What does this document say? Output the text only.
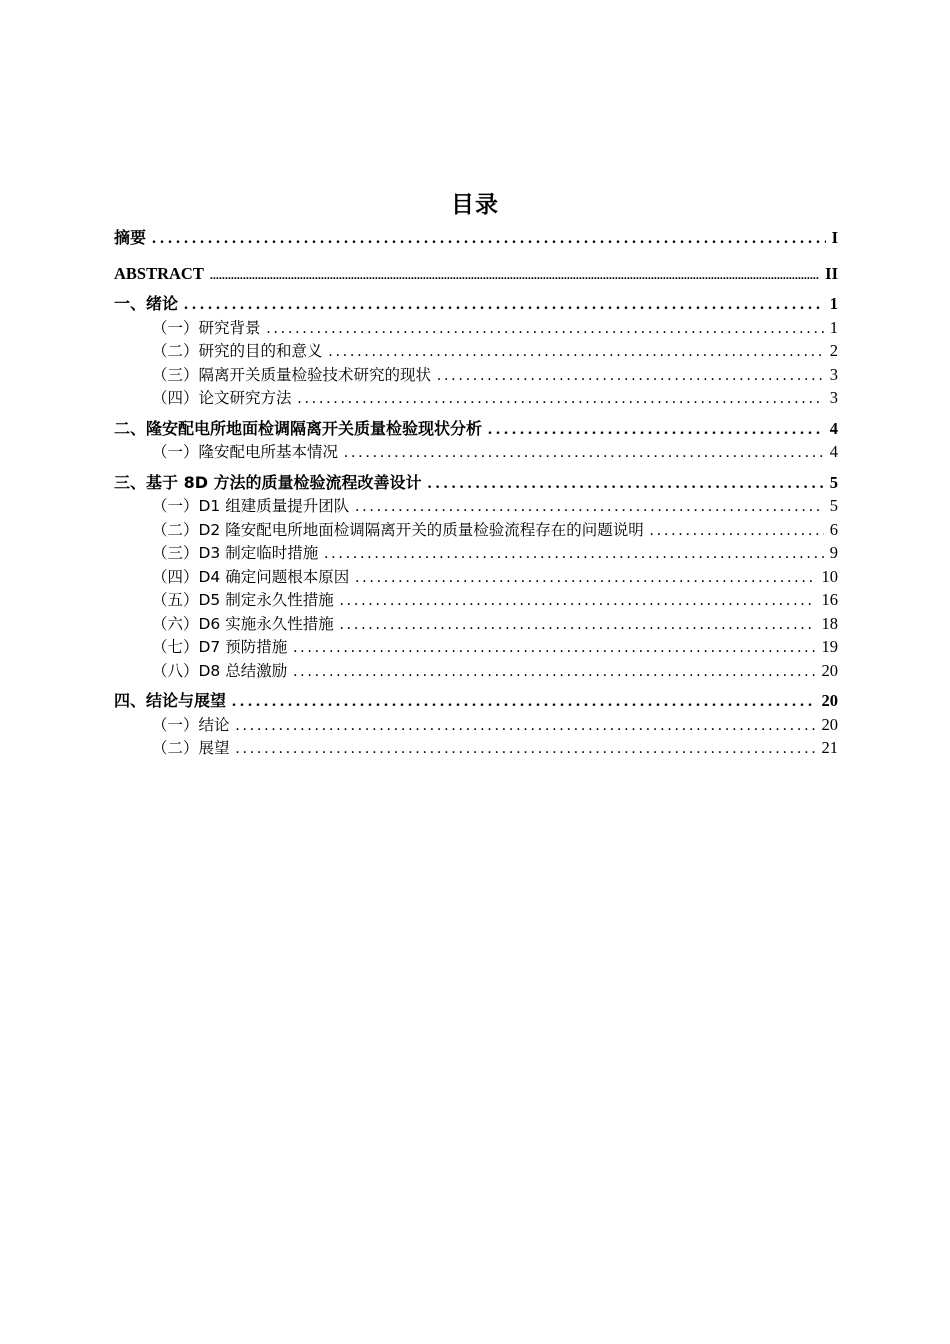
目录
摘要 .....	I
ABSTRACT .....	II
一、绪论 .....	1
（一）研究背景 .....	1
（二）研究的目的和意义 .....	2
（三）隔离开关质量检验技术研究的现状 .....	3
（四）论文研究方法 .....	3
二、隆安配电所地面检调隔离开关质量检验现状分析 .....	4
（一）隆安配电所基本情况 .....	4
三、基于 8D 方法的质量检验流程改善设计 .....	5
（一）D1 组建质量提升团队 .....	5
（二）D2 隆安配电所地面检调隔离开关的质量检验流程存在的问题说明 .....	6
（三）D3 制定临时措施 .....	9
（四）D4 确定问题根本原因 .....	10
（五）D5 制定永久性措施 .....	16
（六）D6 实施永久性措施 .....	18
（七）D7 预防措施 .....	19
（八）D8 总结激励 .....	20
四、结论与展望 .....	20
（一）结论 .....	20
（二）展望 .....	21
